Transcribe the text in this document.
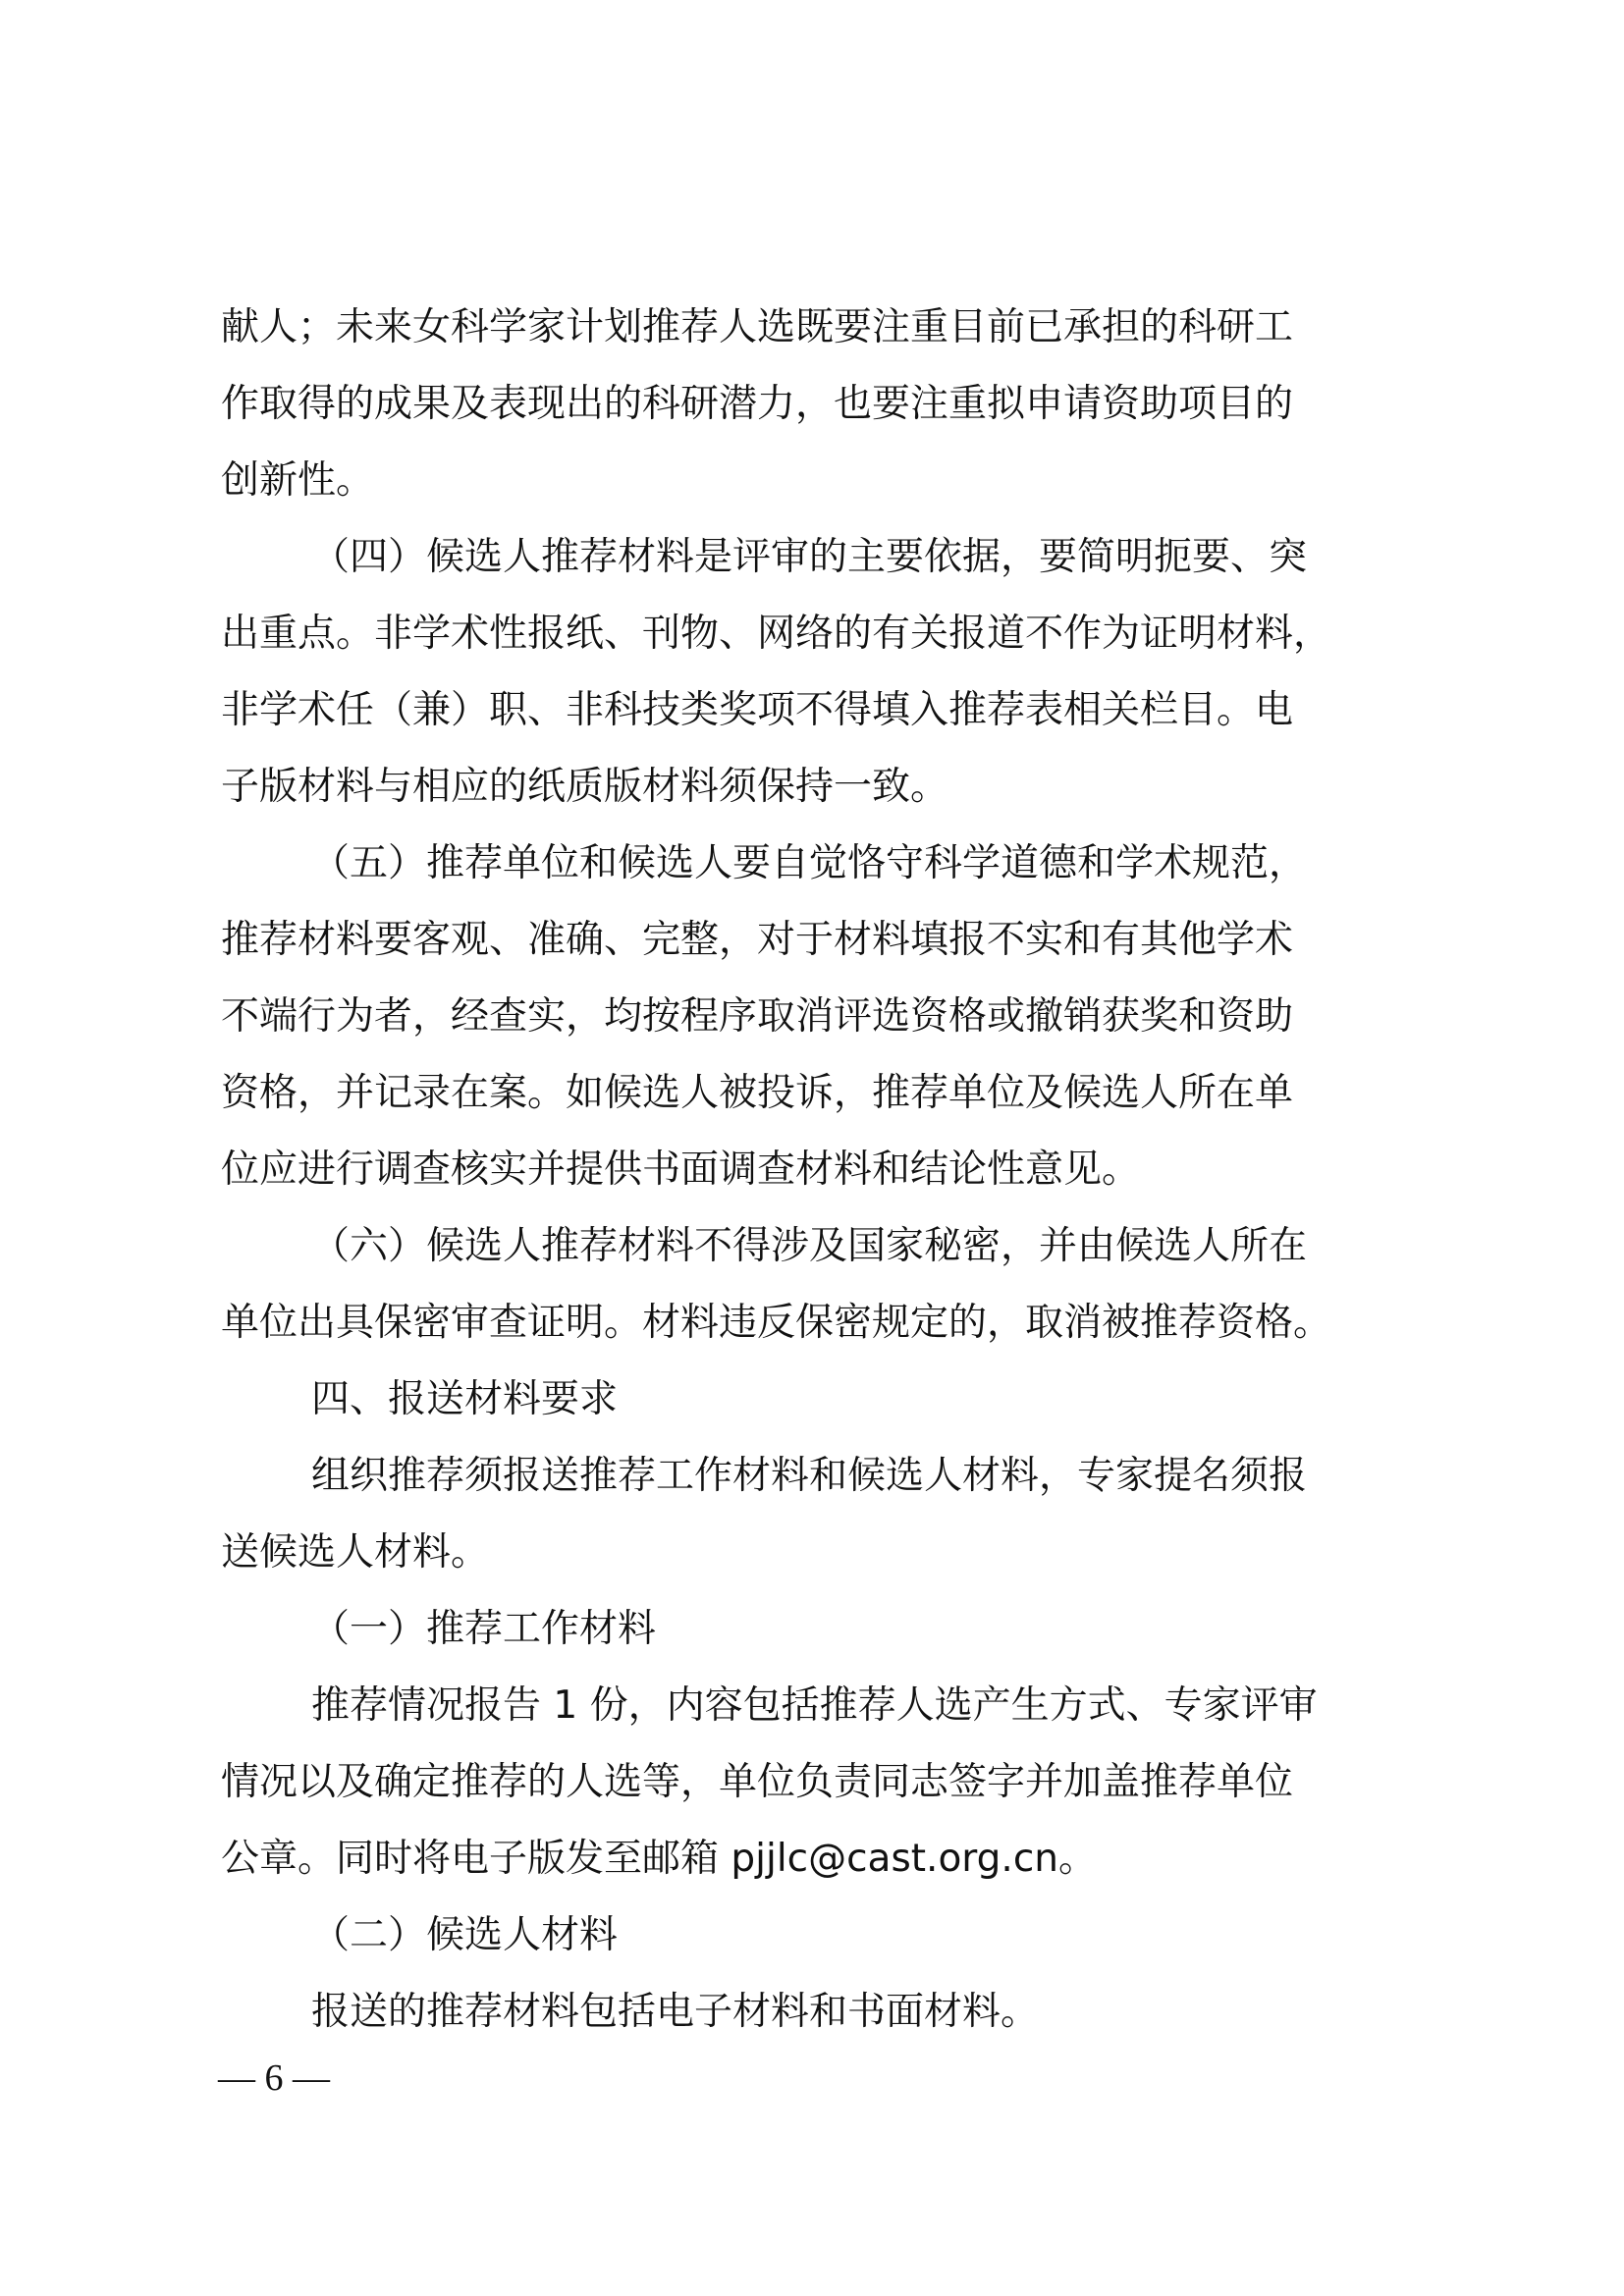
献人；未来女科学家计划推荐人选既要注重目前已承担的科研工
作取得的成果及表现出的科研潜力，也要注重拟申请资助项目的
创新性。
（四）候选人推荐材料是评审的主要依据，要简明扼要、突
出重点。非学术性报纸、刊物、网络的有关报道不作为证明材料，
非学术任（兼）职、非科技类奖项不得填入推荐表相关栏目。电
子版材料与相应的纸质版材料须保持一致。
（五）推荐单位和候选人要自觉恪守科学道德和学术规范，
推荐材料要客观、准确、完整，对于材料填报不实和有其他学术
不端行为者，经查实，均按程序取消评选资格或撤销获奖和资助
资格，并记录在案。如候选人被投诉，推荐单位及候选人所在单
位应进行调查核实并提供书面调查材料和结论性意见。
（六）候选人推荐材料不得涉及国家秘密，并由候选人所在
单位出具保密审查证明。材料违反保密规定的，取消被推荐资格。
四、报送材料要求
组织推荐须报送推荐工作材料和候选人材料，专家提名须报
送候选人材料。
（一）推荐工作材料
推荐情况报告 1 份，内容包括推荐人选产生方式、专家评审
情况以及确定推荐的人选等，单位负责同志签字并加盖推荐单位
公章。同时将电子版发至邮箱 pjjlc@cast.org.cn。
（二）候选人材料
报送的推荐材料包括电子材料和书面材料。
— 6 —
